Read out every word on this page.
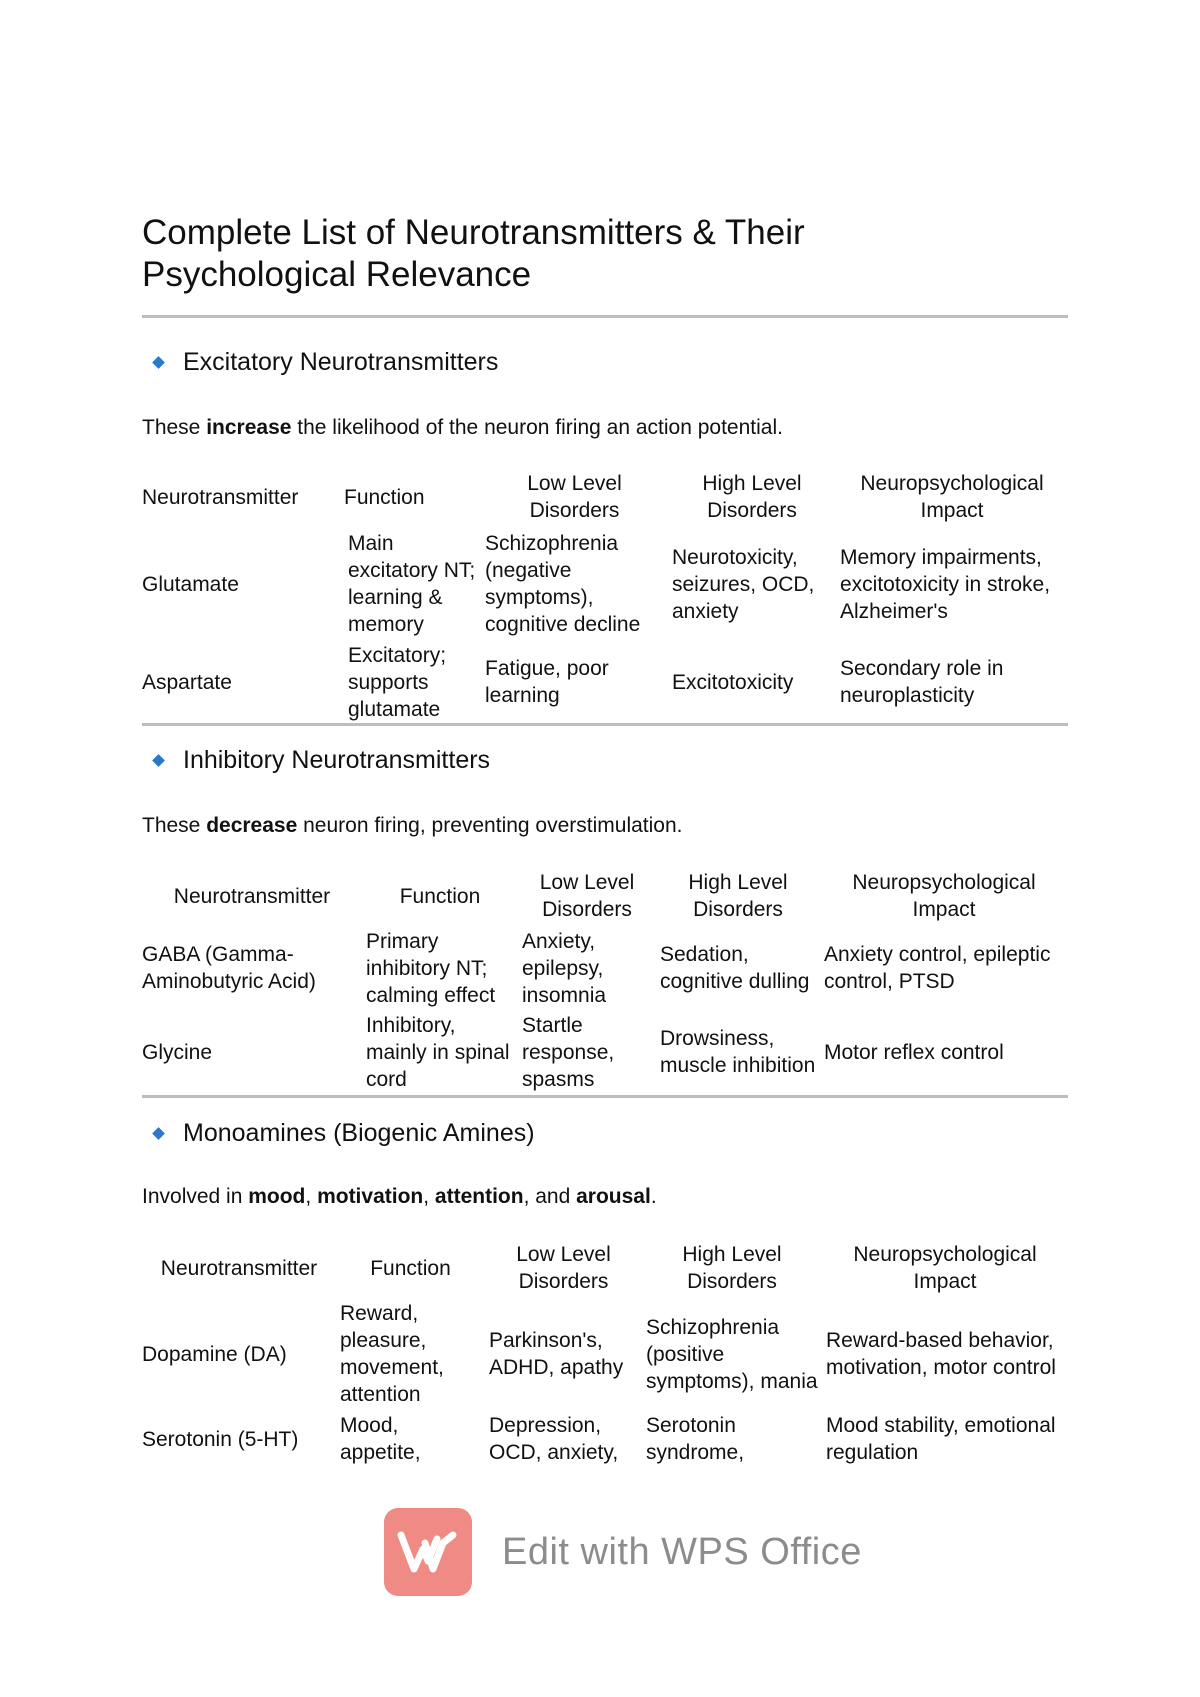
Complete List of Neurotransmitters & Their Psychological Relevance
Excitatory Neurotransmitters

These increase the likelihood of the neuron firing an action potential.

Neurotransmitter	Function	Low Level Disorders	High Level Disorders	Neuropsychological Impact
Glutamate	Main excitatory NT; learning & memory	Schizophrenia (negative symptoms), cognitive decline	Neurotoxicity, seizures, OCD, anxiety	Memory impairments, excitotoxicity in stroke, Alzheimer's
Aspartate	Excitatory; supports glutamate	Fatigue, poor learning	Excitotoxicity	Secondary role in neuroplasticity
Inhibitory Neurotransmitters

These decrease neuron firing, preventing overstimulation.

Neurotransmitter	Function	Low Level Disorders	High Level Disorders	Neuropsychological Impact
GABA (Gamma-Aminobutyric Acid)	Primary inhibitory NT; calming effect	Anxiety, epilepsy, insomnia	Sedation, cognitive dulling	Anxiety control, epileptic control, PTSD
Glycine	Inhibitory, mainly in spinal cord	Startle response, spasms	Drowsiness, muscle inhibition	Motor reflex control
Monoamines (Biogenic Amines)

Involved in mood, motivation, attention, and arousal.

Neurotransmitter	Function	Low Level Disorders	High Level Disorders	Neuropsychological Impact
Dopamine (DA)	Reward, pleasure, movement, attention	Parkinson's, ADHD, apathy	Schizophrenia (positive symptoms), mania	Reward-based behavior, motivation, motor control
Serotonin (5-HT)	Mood, appetite,	Depression, OCD, anxiety,	Serotonin syndrome,	Mood stability, emotional regulation
Edit with WPS Office
